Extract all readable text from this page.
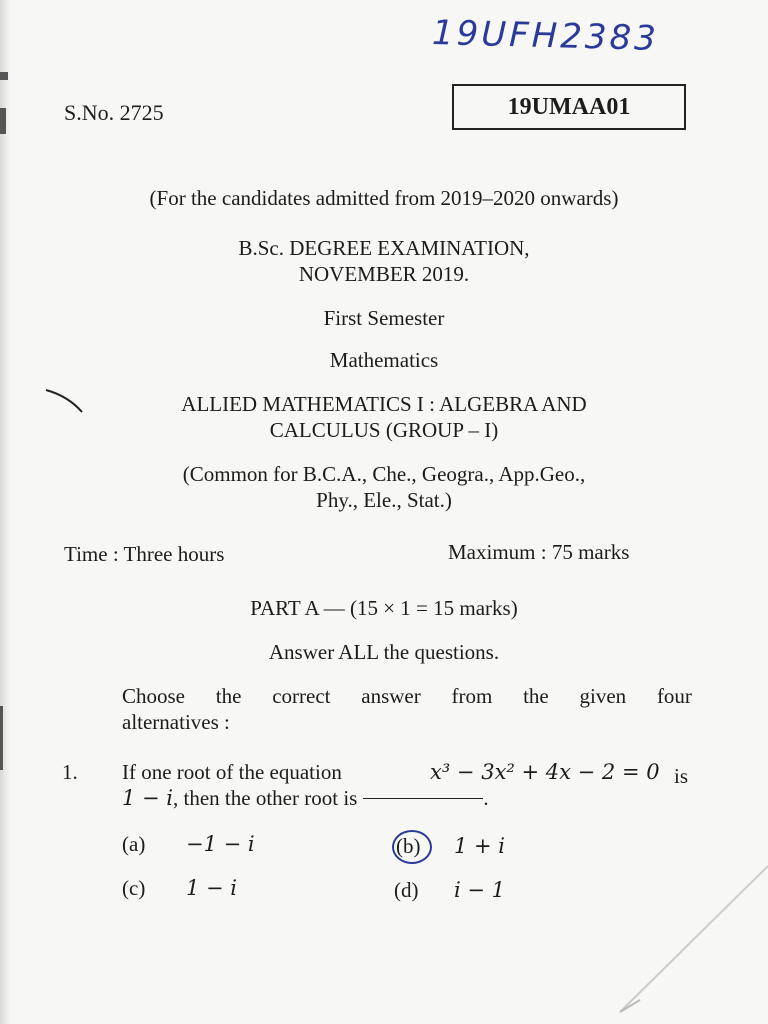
19UFH2383
S.No. 2725	19UMAA01
(For the candidates admitted from 2019–2020 onwards)
B.Sc. DEGREE EXAMINATION,
NOVEMBER 2019.
First Semester
Mathematics
ALLIED MATHEMATICS I : ALGEBRA AND
CALCULUS (GROUP – I)
(Common for B.C.A., Che., Geogra., App.Geo.,
Phy., Ele., Stat.)
Time : Three hours	Maximum : 75 marks
PART A — (15 × 1 = 15 marks)
Answer ALL the questions.
Choose the correct answer from the given four
alternatives :
1. If one root of the equation	x³ − 3x² + 4x − 2 = 0 is
1 − i, then the other root is	.
(a) −1 − i	(b) 1 + i
(c) 1 − i	(d) i − 1
